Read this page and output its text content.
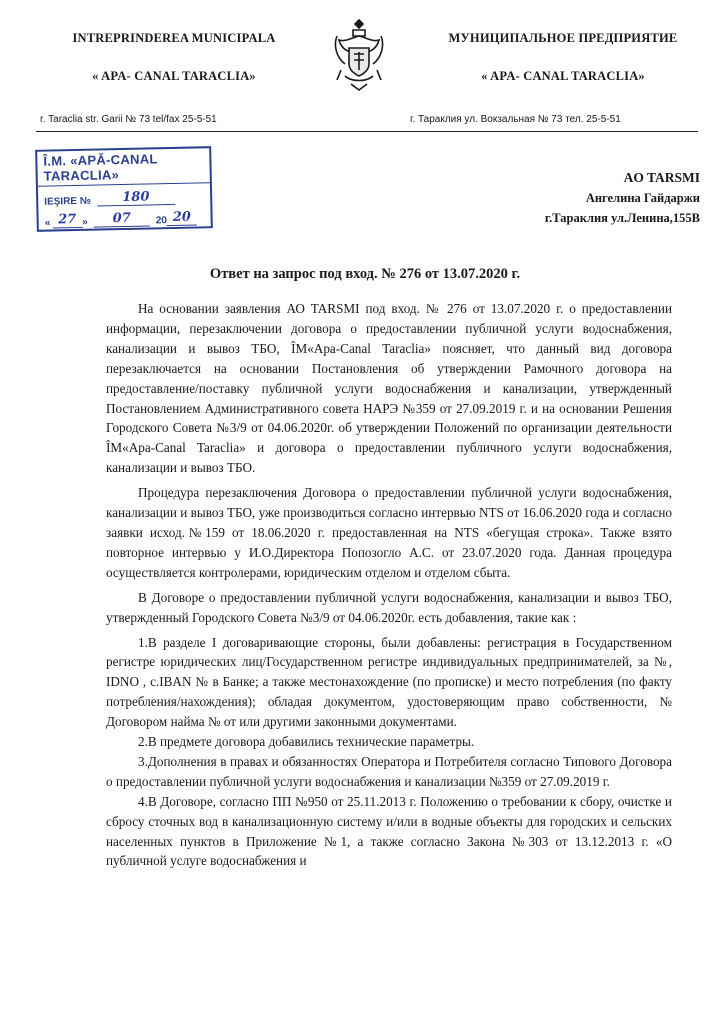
INTREPRINDEREA MUNICIPALA
« APA- CANAL TARACLIA»
МУНИЦИПАЛЬНОЕ ПРЕДПРИЯТИЕ
« APA- CANAL TARACLIA»
r. Taraclia str. Garii № 73 tel/fax 25-5-51	г. Тараклия ул. Вокзальная № 73 тел. 25-5-51
Î.M. «APĂ-CANAL TARACLIA»
IEŞIRE №	180
« 27 »	07	20 20
AO TARSMI
Ангелина Гайдаржи
г.Тараклия ул.Ленина,155В
Ответ на запрос под вход. № 276 от 13.07.2020 г.

На основании заявления АО TARSMI под вход. № 276 от 13.07.2020 г. о предоставлении информации, перезаключении договора о предоставлении публичной услуги водоснабжения, канализации и вывоз ТБО, ÎM«Apa-Canal Taraclia» поясняет, что данный вид договора перезаключается на основании Постановления об утверждении Рамочного договора на предоставление/поставку публичной услуги водоснабжения и канализации, утвержденный Постановлением Административного совета НАРЭ №359 от 27.09.2019 г. и на основании Решения Городского Совета №3/9 от 04.06.2020г. об утверждении Положений по организации деятельности ÎM«Apa-Canal Taraclia» и договора о предоставлении публичного услуги водоснабжения, канализации и вывоз ТБО.

Процедура перезаключения Договора о предоставлении публичной услуги водоснабжения, канализации и вывоз ТБО, уже производиться согласно интервью NTS от 16.06.2020 года и согласно заявки исход.№159 от 18.06.2020 г. предоставленная на NTS «бегущая строка». Также взято повторное интервью у И.О.Директора Попозогло А.С. от 23.07.2020 года. Данная процедура осуществляется контролерами, юридическим отделом и отделом сбыта.

В Договоре о предоставлении публичной услуги водоснабжения, канализации и вывоз ТБО, утвержденный Городского Совета №3/9 от 04.06.2020г. есть добавления, такие как :

1.В разделе I договаривающие стороны, были добавлены: регистрация в Государственном регистре юридических лиц/Государственном регистре индивидуальных предпринимателей, за №, IDNO , c.IBAN № в Банке; а также местонахождение (по прописке) и место потребления (по факту потребления/нахождения); обладая документом, удостоверяющим право собственности, № Договором найма № от или другими законными документами.

2.В предмете договора добавились технические параметры.

3.Дополнения в правах и обязанностях Оператора и Потребителя согласно Типового Договора о предоставлении публичной услуги водоснабжения и канализации №359 от 27.09.2019 г.

4.В Договоре, согласно ПП №950 от 25.11.2013 г. Положению о требовании к сбору, очистке и сбросу сточных вод в канализационную систему и/или в водные объекты для городских и сельских населенных пунктов в Приложение №1, а также согласно Закона №303 от 13.12.2013 г. «О публичной услуге водоснабжения и
